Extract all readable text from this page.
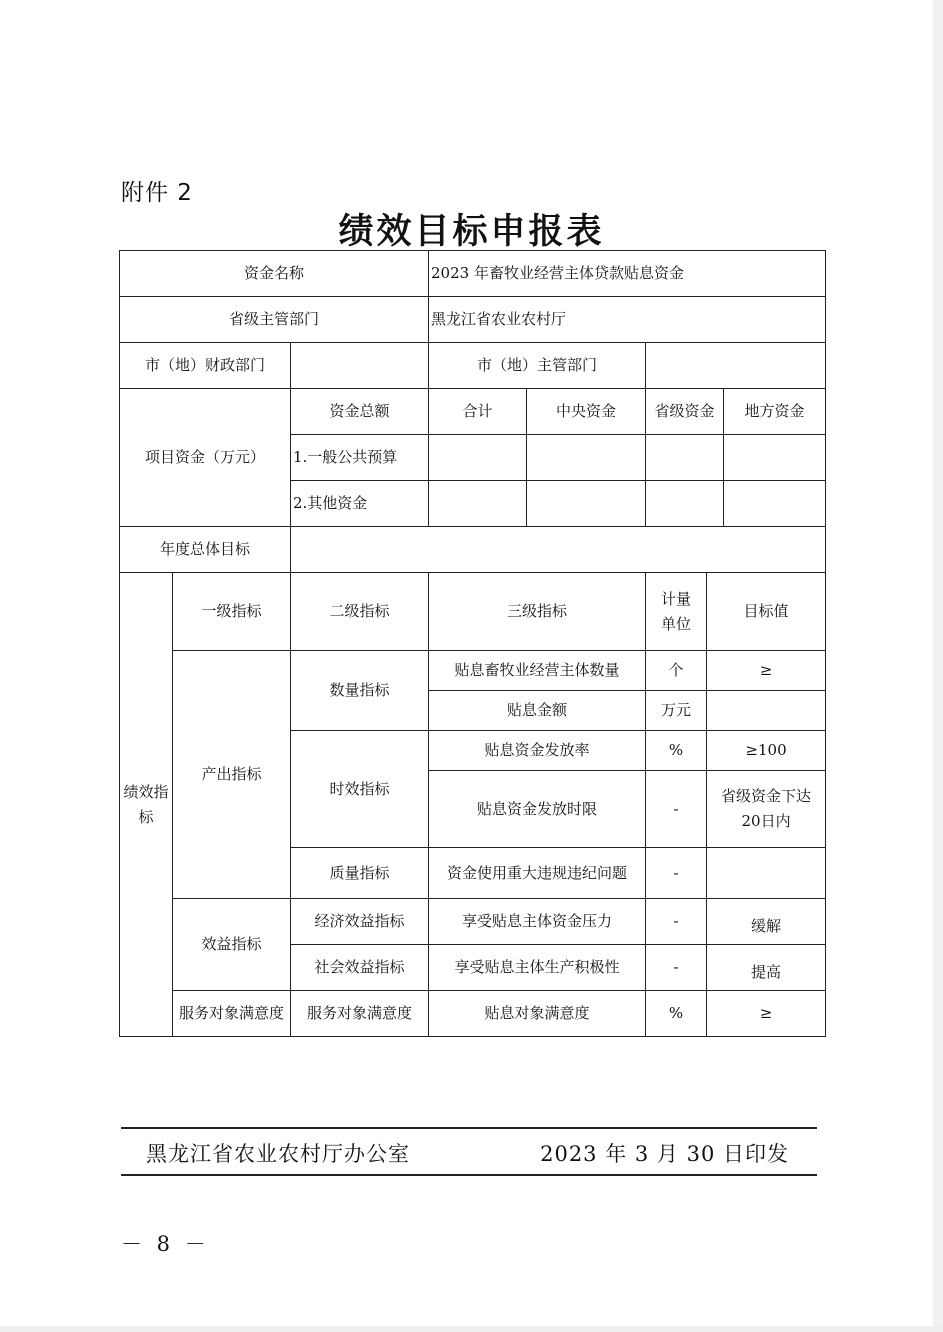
附件 2
绩效目标申报表
资金名称			2023 年畜牧业经营主体贷款贴息资金				
省级主管部门			黑龙江省农业农村厅				
市（地）财政部门			市（地）主管部门				
项目资金（万元）		资金总额	合计	中央资金	省级资金		地方资金
		1.一般公共预算					
		2.其他资金					
年度总体目标							
绩效指标	一级指标	二级指标	三级指标		计量单位	目标值	
	产出指标	数量指标	贴息畜牧业经营主体数量		个	≥	
			贴息金额		万元		
		时效指标	贴息资金发放率		%	≥100	
			贴息资金发放时限		-	省级资金下达20日内	
		质量指标	资金使用重大违规违纪问题		-		
	效益指标	经济效益指标	享受贴息主体资金压力		-	缓解	
		社会效益指标	享受贴息主体生产积极性		-	提高	
	服务对象满意度	服务对象满意度	贴息对象满意度		%	≥	
黑龙江省农业农村厅办公室	2023 年 3 月 30 日印发
－ 8 －
